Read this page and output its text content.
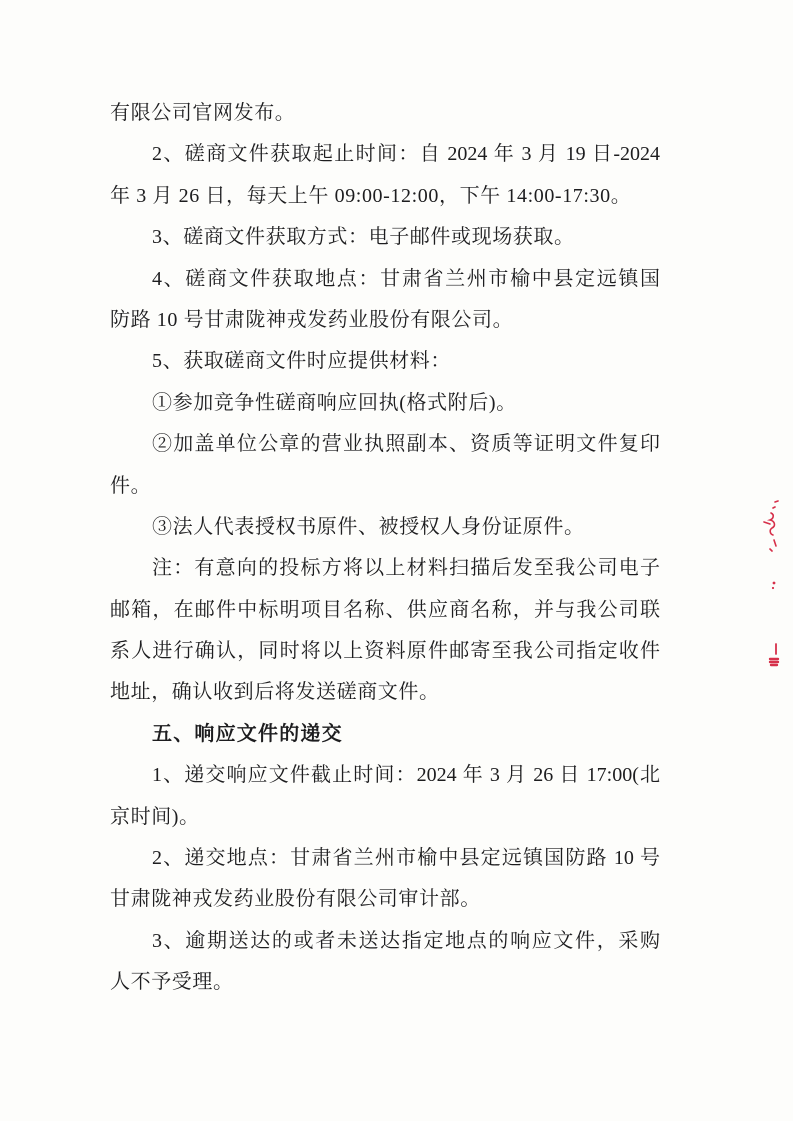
有限公司官网发布。
2、磋商文件获取起止时间：自 2024 年 3 月 19 日-2024
年 3 月 26 日，每天上午 09:00-12:00，下午 14:00-17:30。
3、磋商文件获取方式：电子邮件或现场获取。
4、磋商文件获取地点：甘肃省兰州市榆中县定远镇国
防路 10 号甘肃陇神戎发药业股份有限公司。
5、获取磋商文件时应提供材料：
①参加竞争性磋商响应回执(格式附后)。
②加盖单位公章的营业执照副本、资质等证明文件复印
件。
③法人代表授权书原件、被授权人身份证原件。
注：有意向的投标方将以上材料扫描后发至我公司电子
邮箱，在邮件中标明项目名称、供应商名称，并与我公司联
系人进行确认，同时将以上资料原件邮寄至我公司指定收件
地址，确认收到后将发送磋商文件。
五、响应文件的递交
1、递交响应文件截止时间：2024 年 3 月 26 日 17:00(北
京时间)。
2、递交地点：甘肃省兰州市榆中县定远镇国防路 10 号
甘肃陇神戎发药业股份有限公司审计部。
3、逾期送达的或者未送达指定地点的响应文件，采购
人不予受理。
